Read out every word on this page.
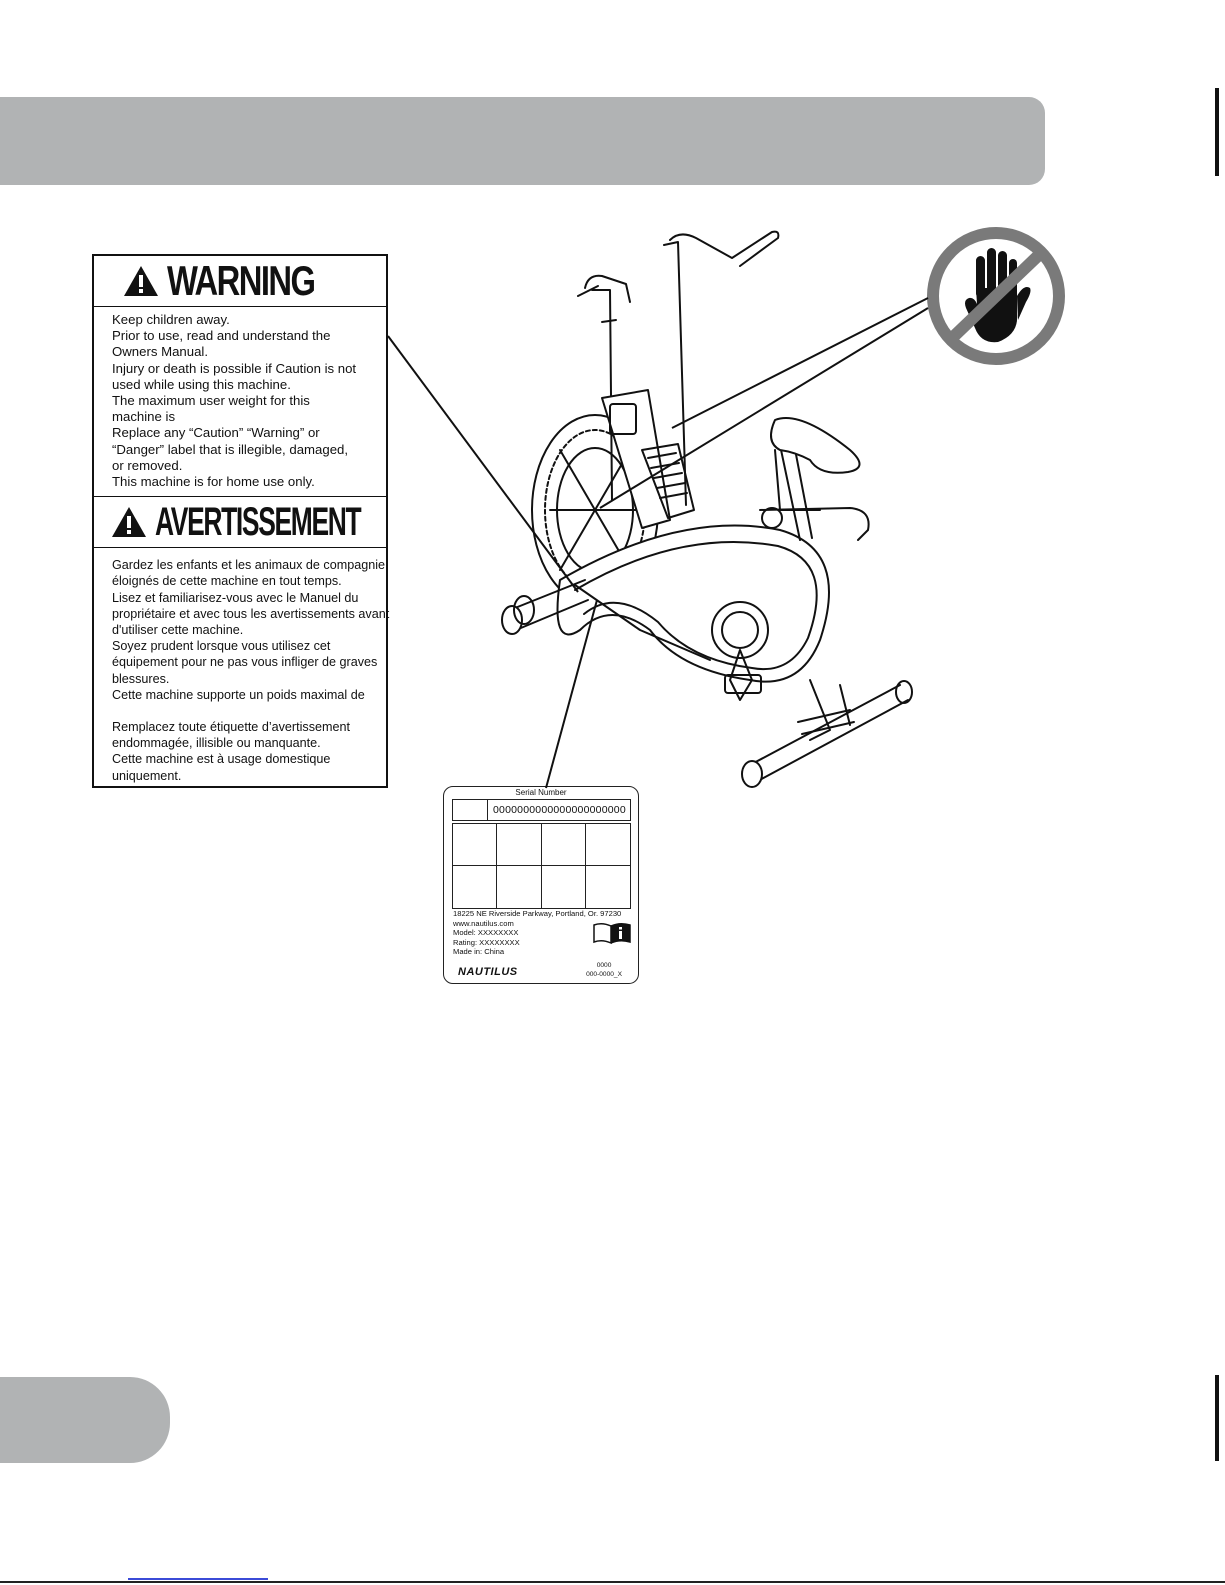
WARNING
Keep children away.
Prior to use, read and understand the
Owners Manual.
Injury or death is possible if Caution is not
used while using this machine.
The maximum user weight for this
machine is
Replace any “Caution” “Warning” or
“Danger” label that is illegible, damaged,
or removed.
This machine is for home use only.
AVERTISSEMENT
Gardez les enfants et les animaux de compagnie
éloignés de cette machine en tout temps.
Lisez et familiarisez-vous avec le Manuel du
propriétaire et avec tous les avertissements avant
d'utiliser cette machine.
Soyez prudent lorsque vous utilisez cet
équipement pour ne pas vous infliger de graves
blessures.
Cette machine supporte un poids maximal de
Remplacez toute étiquette d’avertissement
endommagée, illisible ou manquante.
Cette machine est à usage domestique
uniquement.
Serial Number
0000000000000000000000
18225 NE Riverside Parkway, Portland, Or. 97230
www.nautilus.com
Model: XXXXXXXX
Rating: XXXXXXXX
Made in: China
NAUTILUS
0000
000-0000_X
